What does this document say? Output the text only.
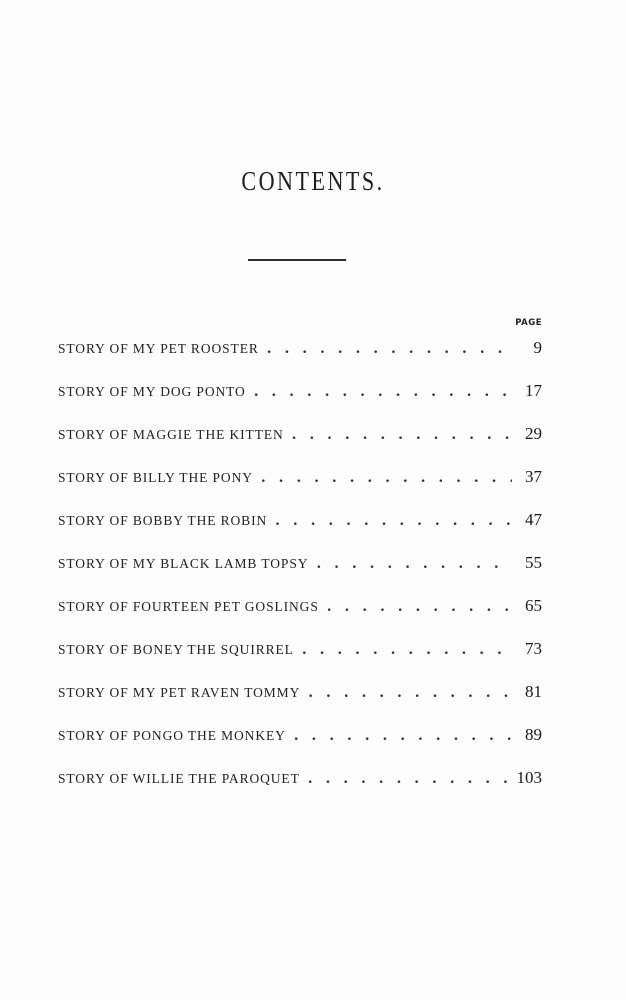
CONTENTS.
PAGE
STORY OF MY PET ROOSTER . . .	9
STORY OF MY DOG PONTO . . .	17
STORY OF MAGGIE THE KITTEN . . .	29
STORY OF BILLY THE PONY . . .	37
STORY OF BOBBY THE ROBIN . . .	47
STORY OF MY BLACK LAMB TOPSY . . .	55
STORY OF FOURTEEN PET GOSLINGS . . .	65
STORY OF BONEY THE SQUIRREL . . .	73
STORY OF MY PET RAVEN TOMMY . . .	81
STORY OF PONGO THE MONKEY . . .	89
STORY OF WILLIE THE PAROQUET . . .	103
